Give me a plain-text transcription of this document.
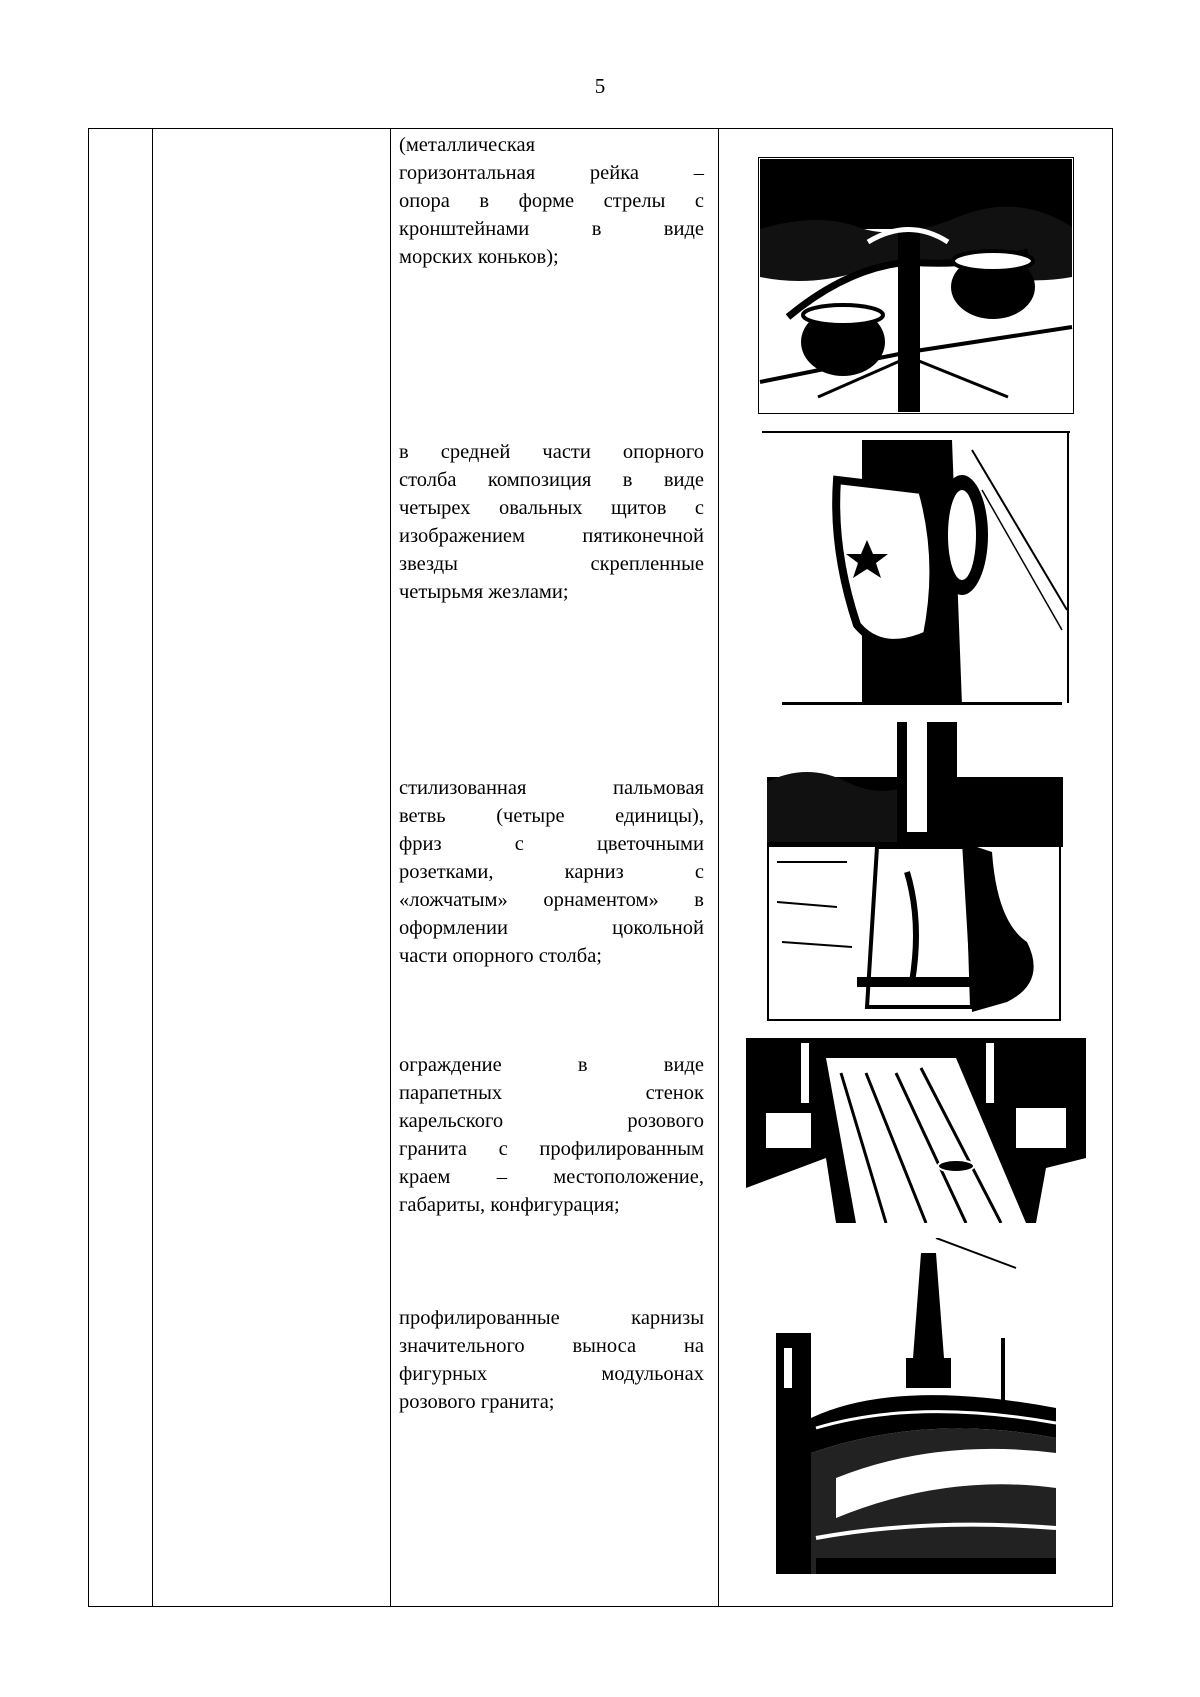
5
(металлическая
горизонтальная рейка –
опора в форме стрелы с
кронштейнами в виде
морских коньков);
в средней части опорного
столба композиция в виде
четырех овальных щитов с
изображением пятиконечной
звезды скрепленные
четырьмя жезлами;
стилизованная пальмовая
ветвь (четыре единицы),
фриз с цветочными
розетками, карниз с
«ложчатым» орнаментом» в
оформлении цокольной
части опорного столба;
ограждение в виде
парапетных стенок
карельского розового
гранита с профилированным
краем – местоположение,
габариты, конфигурация;
профилированные карнизы
значительного выноса на
фигурных модульонах
розового гранита;
